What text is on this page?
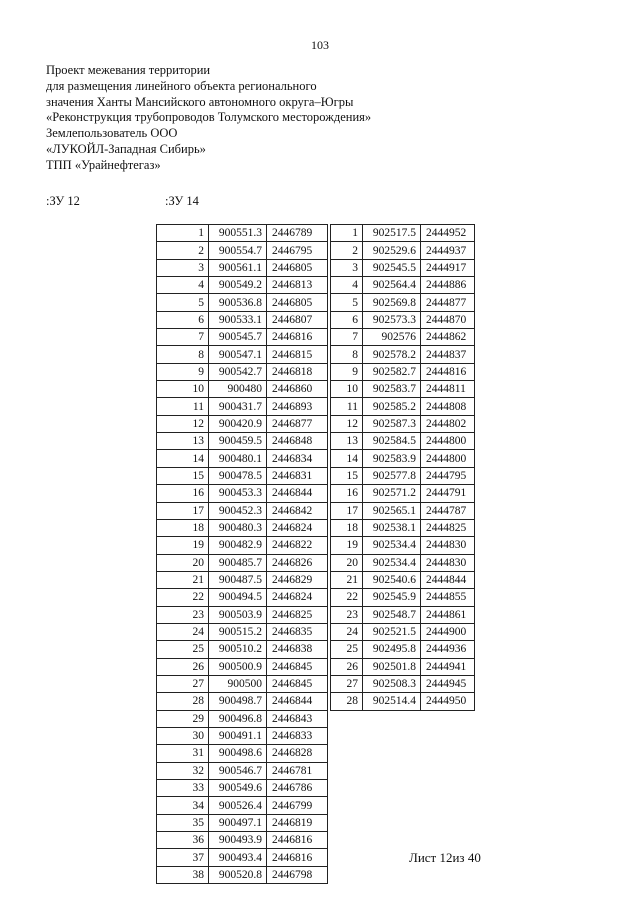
103
Проект межевания территории
для размещения линейного объекта регионального
значения Ханты Мансийского автономного округа–Югры
«Реконструкция трубопроводов Толумского месторождения»
Землепользователь ООО
«ЛУКОЙЛ-Западная Сибирь»
ТПП «Урайнефтегаз»
:ЗУ 12	:ЗУ 14
1	900551.3	2446789
2	900554.7	2446795
3	900561.1	2446805
4	900549.2	2446813
5	900536.8	2446805
6	900533.1	2446807
7	900545.7	2446816
8	900547.1	2446815
9	900542.7	2446818
10	900480	2446860
11	900431.7	2446893
12	900420.9	2446877
13	900459.5	2446848
14	900480.1	2446834
15	900478.5	2446831
16	900453.3	2446844
17	900452.3	2446842
18	900480.3	2446824
19	900482.9	2446822
20	900485.7	2446826
21	900487.5	2446829
22	900494.5	2446824
23	900503.9	2446825
24	900515.2	2446835
25	900510.2	2446838
26	900500.9	2446845
27	900500	2446845
28	900498.7	2446844
29	900496.8	2446843
30	900491.1	2446833
31	900498.6	2446828
32	900546.7	2446781
33	900549.6	2446786
34	900526.4	2446799
35	900497.1	2446819
36	900493.9	2446816
37	900493.4	2446816
38	900520.8	2446798
1	902517.5	2444952
2	902529.6	2444937
3	902545.5	2444917
4	902564.4	2444886
5	902569.8	2444877
6	902573.3	2444870
7	902576	2444862
8	902578.2	2444837
9	902582.7	2444816
10	902583.7	2444811
11	902585.2	2444808
12	902587.3	2444802
13	902584.5	2444800
14	902583.9	2444800
15	902577.8	2444795
16	902571.2	2444791
17	902565.1	2444787
18	902538.1	2444825
19	902534.4	2444830
20	902534.4	2444830
21	902540.6	2444844
22	902545.9	2444855
23	902548.7	2444861
24	902521.5	2444900
25	902495.8	2444936
26	902501.8	2444941
27	902508.3	2444945
28	902514.4	2444950
Лист 12из 40
